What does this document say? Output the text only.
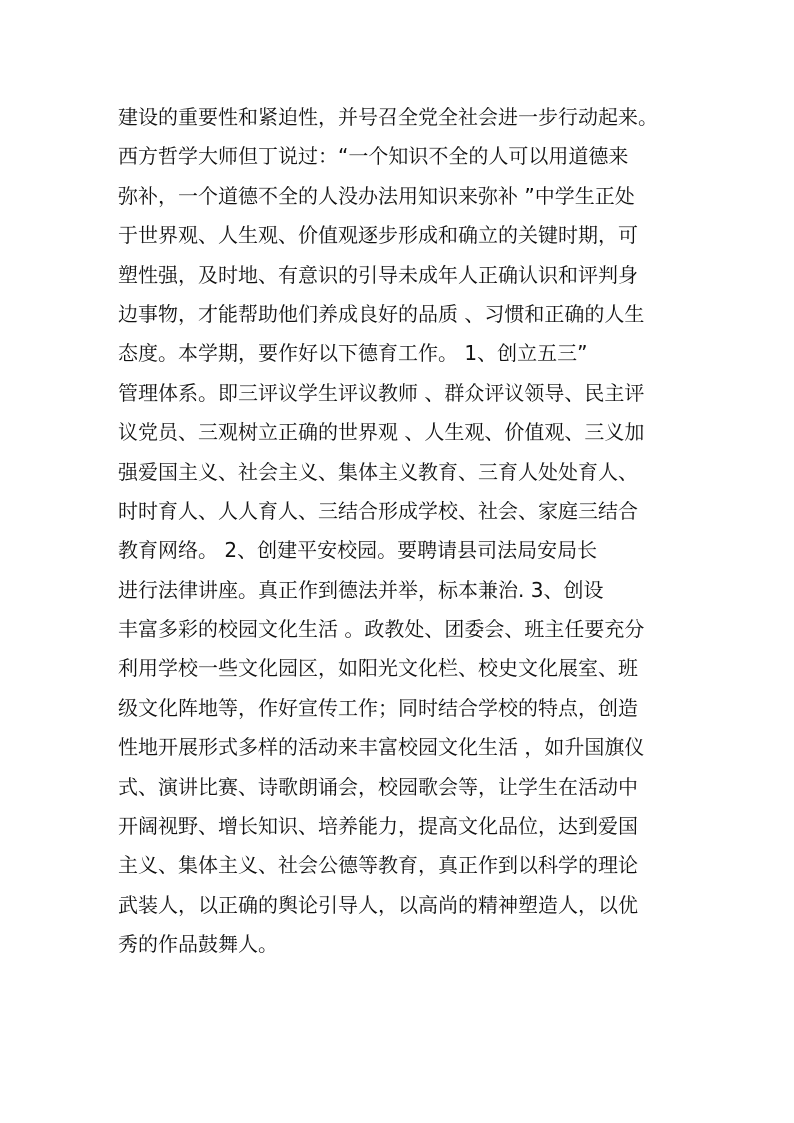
建设的重要性和紧迫性，并号召全党全社会进一步行动起来。
西方哲学大师但丁说过：“一个知识不全的人可以用道德来
弥补，一个道德不全的人没办法用知识来弥补 ”中学生正处
于世界观、人生观、价值观逐步形成和确立的关键时期，可
塑性强，及时地、有意识的引导未成年人正确认识和评判身
边事物，才能帮助他们养成良好的品质 、习惯和正确的人生
态度。本学期，要作好以下德育工作。 1、创立五三”
管理体系。即三评议学生评议教师 、群众评议领导、民主评
议党员、三观树立正确的世界观 、人生观、价值观、三义加
强爱国主义、社会主义、集体主义教育、三育人处处育人、
时时育人、人人育人、三结合形成学校、社会、家庭三结合
教育网络。 2、创建平安校园。要聘请县司法局安局长
进行法律讲座。真正作到德法并举，标本兼治. 3、创设
丰富多彩的校园文化生活 。政教处、团委会、班主任要充分
利用学校一些文化园区，如阳光文化栏、校史文化展室、班
级文化阵地等，作好宣传工作；同时结合学校的特点，创造
性地开展形式多样的活动来丰富校园文化生活 ，如升国旗仪
式、演讲比赛、诗歌朗诵会，校园歌会等，让学生在活动中
开阔视野、增长知识、培养能力，提高文化品位，达到爱国
主义、集体主义、社会公德等教育，真正作到以科学的理论
武装人，以正确的舆论引导人，以高尚的精神塑造人，以优
秀的作品鼓舞人。
